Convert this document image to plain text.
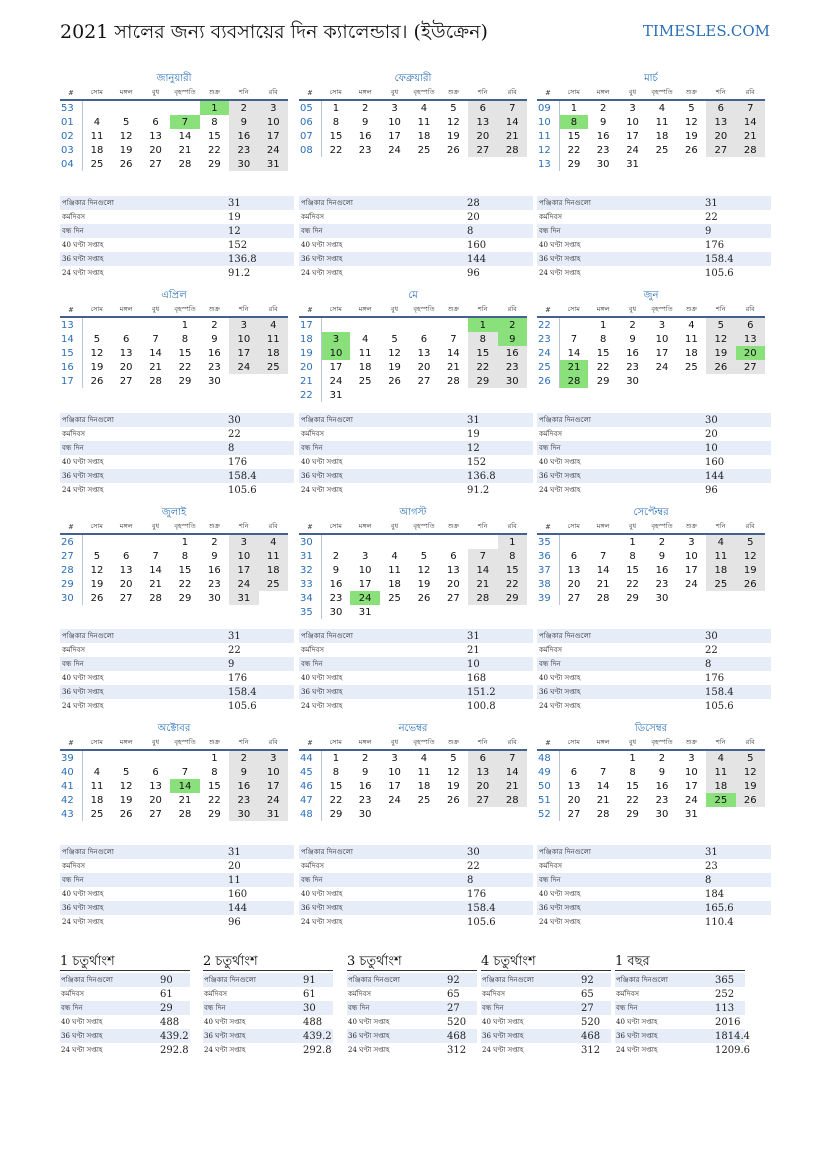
2021 সালের জন্য ব্যবসায়ের দিন ক্যালেন্ডার। (ইউক্রেন)	TIMESLES.COM
জানুয়ারী
#	সোম	মঙ্গল	বুধ	বৃহস্পতি	শুক্র	শনি	রবি
53					1	2	3
01	4	5	6	7	8	9	10
02	11	12	13	14	15	16	17
03	18	19	20	21	22	23	24
04	25	26	27	28	29	30	31
পঞ্জিকার দিনগুলো	31
কর্মদিবস	19
বন্ধ দিন	12
40 ঘণ্টা সপ্তাহ	152
36 ঘণ্টা সপ্তাহ	136.8
24 ঘণ্টা সপ্তাহ	91.2
ফেব্রুয়ারী
#	সোম	মঙ্গল	বুধ	বৃহস্পতি	শুক্র	শনি	রবি
05	1	2	3	4	5	6	7
06	8	9	10	11	12	13	14
07	15	16	17	18	19	20	21
08	22	23	24	25	26	27	28
পঞ্জিকার দিনগুলো	28
কর্মদিবস	20
বন্ধ দিন	8
40 ঘণ্টা সপ্তাহ	160
36 ঘণ্টা সপ্তাহ	144
24 ঘণ্টা সপ্তাহ	96
মার্চ
#	সোম	মঙ্গল	বুধ	বৃহস্পতি	শুক্র	শনি	রবি
09	1	2	3	4	5	6	7
10	8	9	10	11	12	13	14
11	15	16	17	18	19	20	21
12	22	23	24	25	26	27	28
13	29	30	31				
পঞ্জিকার দিনগুলো	31
কর্মদিবস	22
বন্ধ দিন	9
40 ঘণ্টা সপ্তাহ	176
36 ঘণ্টা সপ্তাহ	158.4
24 ঘণ্টা সপ্তাহ	105.6
এপ্রিল
#	সোম	মঙ্গল	বুধ	বৃহস্পতি	শুক্র	শনি	রবি
13				1	2	3	4
14	5	6	7	8	9	10	11
15	12	13	14	15	16	17	18
16	19	20	21	22	23	24	25
17	26	27	28	29	30		
পঞ্জিকার দিনগুলো	30
কর্মদিবস	22
বন্ধ দিন	8
40 ঘণ্টা সপ্তাহ	176
36 ঘণ্টা সপ্তাহ	158.4
24 ঘণ্টা সপ্তাহ	105.6
মে
#	সোম	মঙ্গল	বুধ	বৃহস্পতি	শুক্র	শনি	রবি
17						1	2
18	3	4	5	6	7	8	9
19	10	11	12	13	14	15	16
20	17	18	19	20	21	22	23
21	24	25	26	27	28	29	30
22	31						
পঞ্জিকার দিনগুলো	31
কর্মদিবস	19
বন্ধ দিন	12
40 ঘণ্টা সপ্তাহ	152
36 ঘণ্টা সপ্তাহ	136.8
24 ঘণ্টা সপ্তাহ	91.2
জুন
#	সোম	মঙ্গল	বুধ	বৃহস্পতি	শুক্র	শনি	রবি
22		1	2	3	4	5	6
23	7	8	9	10	11	12	13
24	14	15	16	17	18	19	20
25	21	22	23	24	25	26	27
26	28	29	30				
পঞ্জিকার দিনগুলো	30
কর্মদিবস	20
বন্ধ দিন	10
40 ঘণ্টা সপ্তাহ	160
36 ঘণ্টা সপ্তাহ	144
24 ঘণ্টা সপ্তাহ	96
জুলাই
#	সোম	মঙ্গল	বুধ	বৃহস্পতি	শুক্র	শনি	রবি
26				1	2	3	4
27	5	6	7	8	9	10	11
28	12	13	14	15	16	17	18
29	19	20	21	22	23	24	25
30	26	27	28	29	30	31	
পঞ্জিকার দিনগুলো	31
কর্মদিবস	22
বন্ধ দিন	9
40 ঘণ্টা সপ্তাহ	176
36 ঘণ্টা সপ্তাহ	158.4
24 ঘণ্টা সপ্তাহ	105.6
আগস্ট
#	সোম	মঙ্গল	বুধ	বৃহস্পতি	শুক্র	শনি	রবি
30							1
31	2	3	4	5	6	7	8
32	9	10	11	12	13	14	15
33	16	17	18	19	20	21	22
34	23	24	25	26	27	28	29
35	30	31					
পঞ্জিকার দিনগুলো	31
কর্মদিবস	21
বন্ধ দিন	10
40 ঘণ্টা সপ্তাহ	168
36 ঘণ্টা সপ্তাহ	151.2
24 ঘণ্টা সপ্তাহ	100.8
সেপ্টেম্বর
#	সোম	মঙ্গল	বুধ	বৃহস্পতি	শুক্র	শনি	রবি
35			1	2	3	4	5
36	6	7	8	9	10	11	12
37	13	14	15	16	17	18	19
38	20	21	22	23	24	25	26
39	27	28	29	30			
পঞ্জিকার দিনগুলো	30
কর্মদিবস	22
বন্ধ দিন	8
40 ঘণ্টা সপ্তাহ	176
36 ঘণ্টা সপ্তাহ	158.4
24 ঘণ্টা সপ্তাহ	105.6
অক্টোবর
#	সোম	মঙ্গল	বুধ	বৃহস্পতি	শুক্র	শনি	রবি
39					1	2	3
40	4	5	6	7	8	9	10
41	11	12	13	14	15	16	17
42	18	19	20	21	22	23	24
43	25	26	27	28	29	30	31
পঞ্জিকার দিনগুলো	31
কর্মদিবস	20
বন্ধ দিন	11
40 ঘণ্টা সপ্তাহ	160
36 ঘণ্টা সপ্তাহ	144
24 ঘণ্টা সপ্তাহ	96
নভেম্বর
#	সোম	মঙ্গল	বুধ	বৃহস্পতি	শুক্র	শনি	রবি
44	1	2	3	4	5	6	7
45	8	9	10	11	12	13	14
46	15	16	17	18	19	20	21
47	22	23	24	25	26	27	28
48	29	30					
পঞ্জিকার দিনগুলো	30
কর্মদিবস	22
বন্ধ দিন	8
40 ঘণ্টা সপ্তাহ	176
36 ঘণ্টা সপ্তাহ	158.4
24 ঘণ্টা সপ্তাহ	105.6
ডিসেম্বর
#	সোম	মঙ্গল	বুধ	বৃহস্পতি	শুক্র	শনি	রবি
48			1	2	3	4	5
49	6	7	8	9	10	11	12
50	13	14	15	16	17	18	19
51	20	21	22	23	24	25	26
52	27	28	29	30	31		
পঞ্জিকার দিনগুলো	31
কর্মদিবস	23
বন্ধ দিন	8
40 ঘণ্টা সপ্তাহ	184
36 ঘণ্টা সপ্তাহ	165.6
24 ঘণ্টা সপ্তাহ	110.4
1 চতুর্থাংশ
পঞ্জিকার দিনগুলো	90
কর্মদিবস	61
বন্ধ দিন	29
40 ঘণ্টা সপ্তাহ	488
36 ঘণ্টা সপ্তাহ	439.2
24 ঘণ্টা সপ্তাহ	292.8
2 চতুর্থাংশ
পঞ্জিকার দিনগুলো	91
কর্মদিবস	61
বন্ধ দিন	30
40 ঘণ্টা সপ্তাহ	488
36 ঘণ্টা সপ্তাহ	439.2
24 ঘণ্টা সপ্তাহ	292.8
3 চতুর্থাংশ
পঞ্জিকার দিনগুলো	92
কর্মদিবস	65
বন্ধ দিন	27
40 ঘণ্টা সপ্তাহ	520
36 ঘণ্টা সপ্তাহ	468
24 ঘণ্টা সপ্তাহ	312
4 চতুর্থাংশ
পঞ্জিকার দিনগুলো	92
কর্মদিবস	65
বন্ধ দিন	27
40 ঘণ্টা সপ্তাহ	520
36 ঘণ্টা সপ্তাহ	468
24 ঘণ্টা সপ্তাহ	312
1 বছর
পঞ্জিকার দিনগুলো	365
কর্মদিবস	252
বন্ধ দিন	113
40 ঘণ্টা সপ্তাহ	2016
36 ঘণ্টা সপ্তাহ	1814.4
24 ঘণ্টা সপ্তাহ	1209.6
